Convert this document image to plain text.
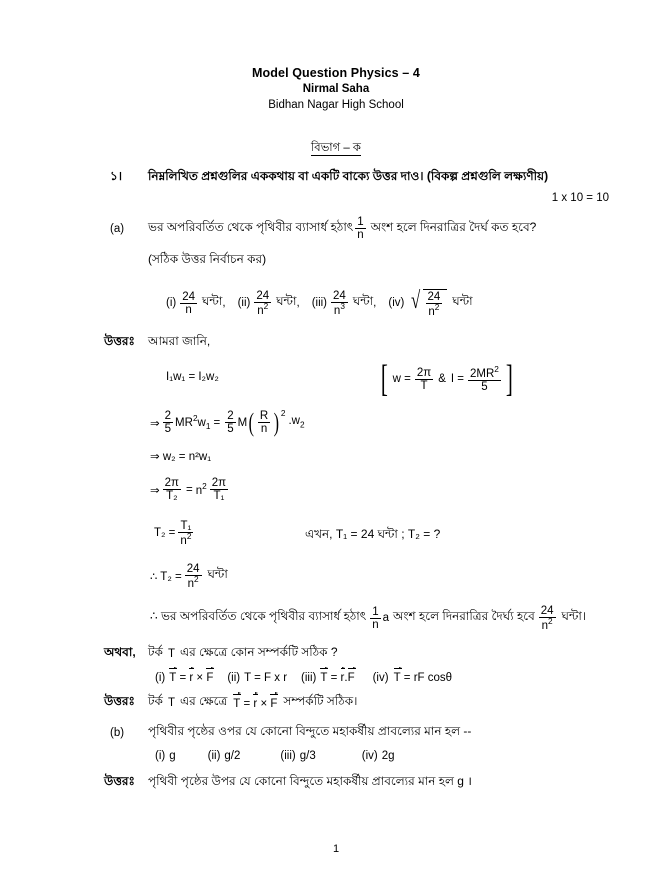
Model Question Physics – 4
Nirmal Saha
Bidhan Nagar High School
বিভাগ – ক
১। নিম্নলিখিত প্রশ্নগুলির এককথায় বা একটি বাক্যে উত্তর দাও। (বিকল্প প্রশ্নগুলি লক্ষ্যণীয়)
1 x 10 = 10
(a) ভর অপরিবর্তিত থেকে পৃথিবীর ব্যাসার্ধ হঠাৎ $\frac{1}{n}$ অংশ হলে দিনরাত্রির দৈর্ঘ কত হবে?
(সঠিক উত্তর নির্বাচন কর)
$(i) \frac{24}{n}$ ঘন্টা , $(ii) \frac{24}{n^2}$ ঘন্টা , $(iii) \frac{24}{n^3}$ ঘন্টা , (iv) √ $\frac{24}{n^2}$ ঘন্টা
উত্তরঃ আমরা জানি,
I₁w₁ = I₂w₂	[ $w = \frac{2\pi}{T}$ & $I = \frac{2MR^2}{5}$ ]
⇒ $\frac{2}{5} MR^2w_1 = \frac{2}{5}$ M ( $\frac{R}{n} )^2$
$.w_2$
⇒ w₂ = n²w₁
⇒ $\frac{2\pi}{\text{T₂}} = n^2 \frac{2\pi}{\text{T₁}}$
$T_2 = \frac{\text{T₁}}{n^2}$	এখন, T₁ = 24 ঘন্টা ; T₂ = ?
∴ $T_2 = \frac{24}{n^2}$ ঘন্টা
∴ ভর অপরিবর্তিত থেকে পৃথিবীর ব্যাসার্ধ হঠাৎ $\frac{1}{n}$ a অংশ হলে দিনরাত্রির দৈর্ঘ্য হবে $\frac{24}{n^2}$ ঘন্টা।
অথবা, টর্ক T এর ক্ষেত্রে কোন সম্পর্কটি সঠিক ?
(i) T = r × F (ii) T = F x r (iii) T = r.F (iv) T = rF cosθ
উত্তরঃ টর্ক T এর ক্ষেত্রে T = r × F সম্পর্কটি সঠিক।
(b) পৃথিবীর পৃষ্ঠের ওপর যে কোনো বিন্দুতে মহাকর্ষীয় প্রাবল্যের মান হল --
(i) g	(ii) g/2	(iii) g/3	(iv) 2g
উত্তরঃ পৃথিবী পৃষ্ঠের উপর যে কোনো বিন্দুতে মহাকর্ষীয় প্রাবল্যের মান হল g ।
1
